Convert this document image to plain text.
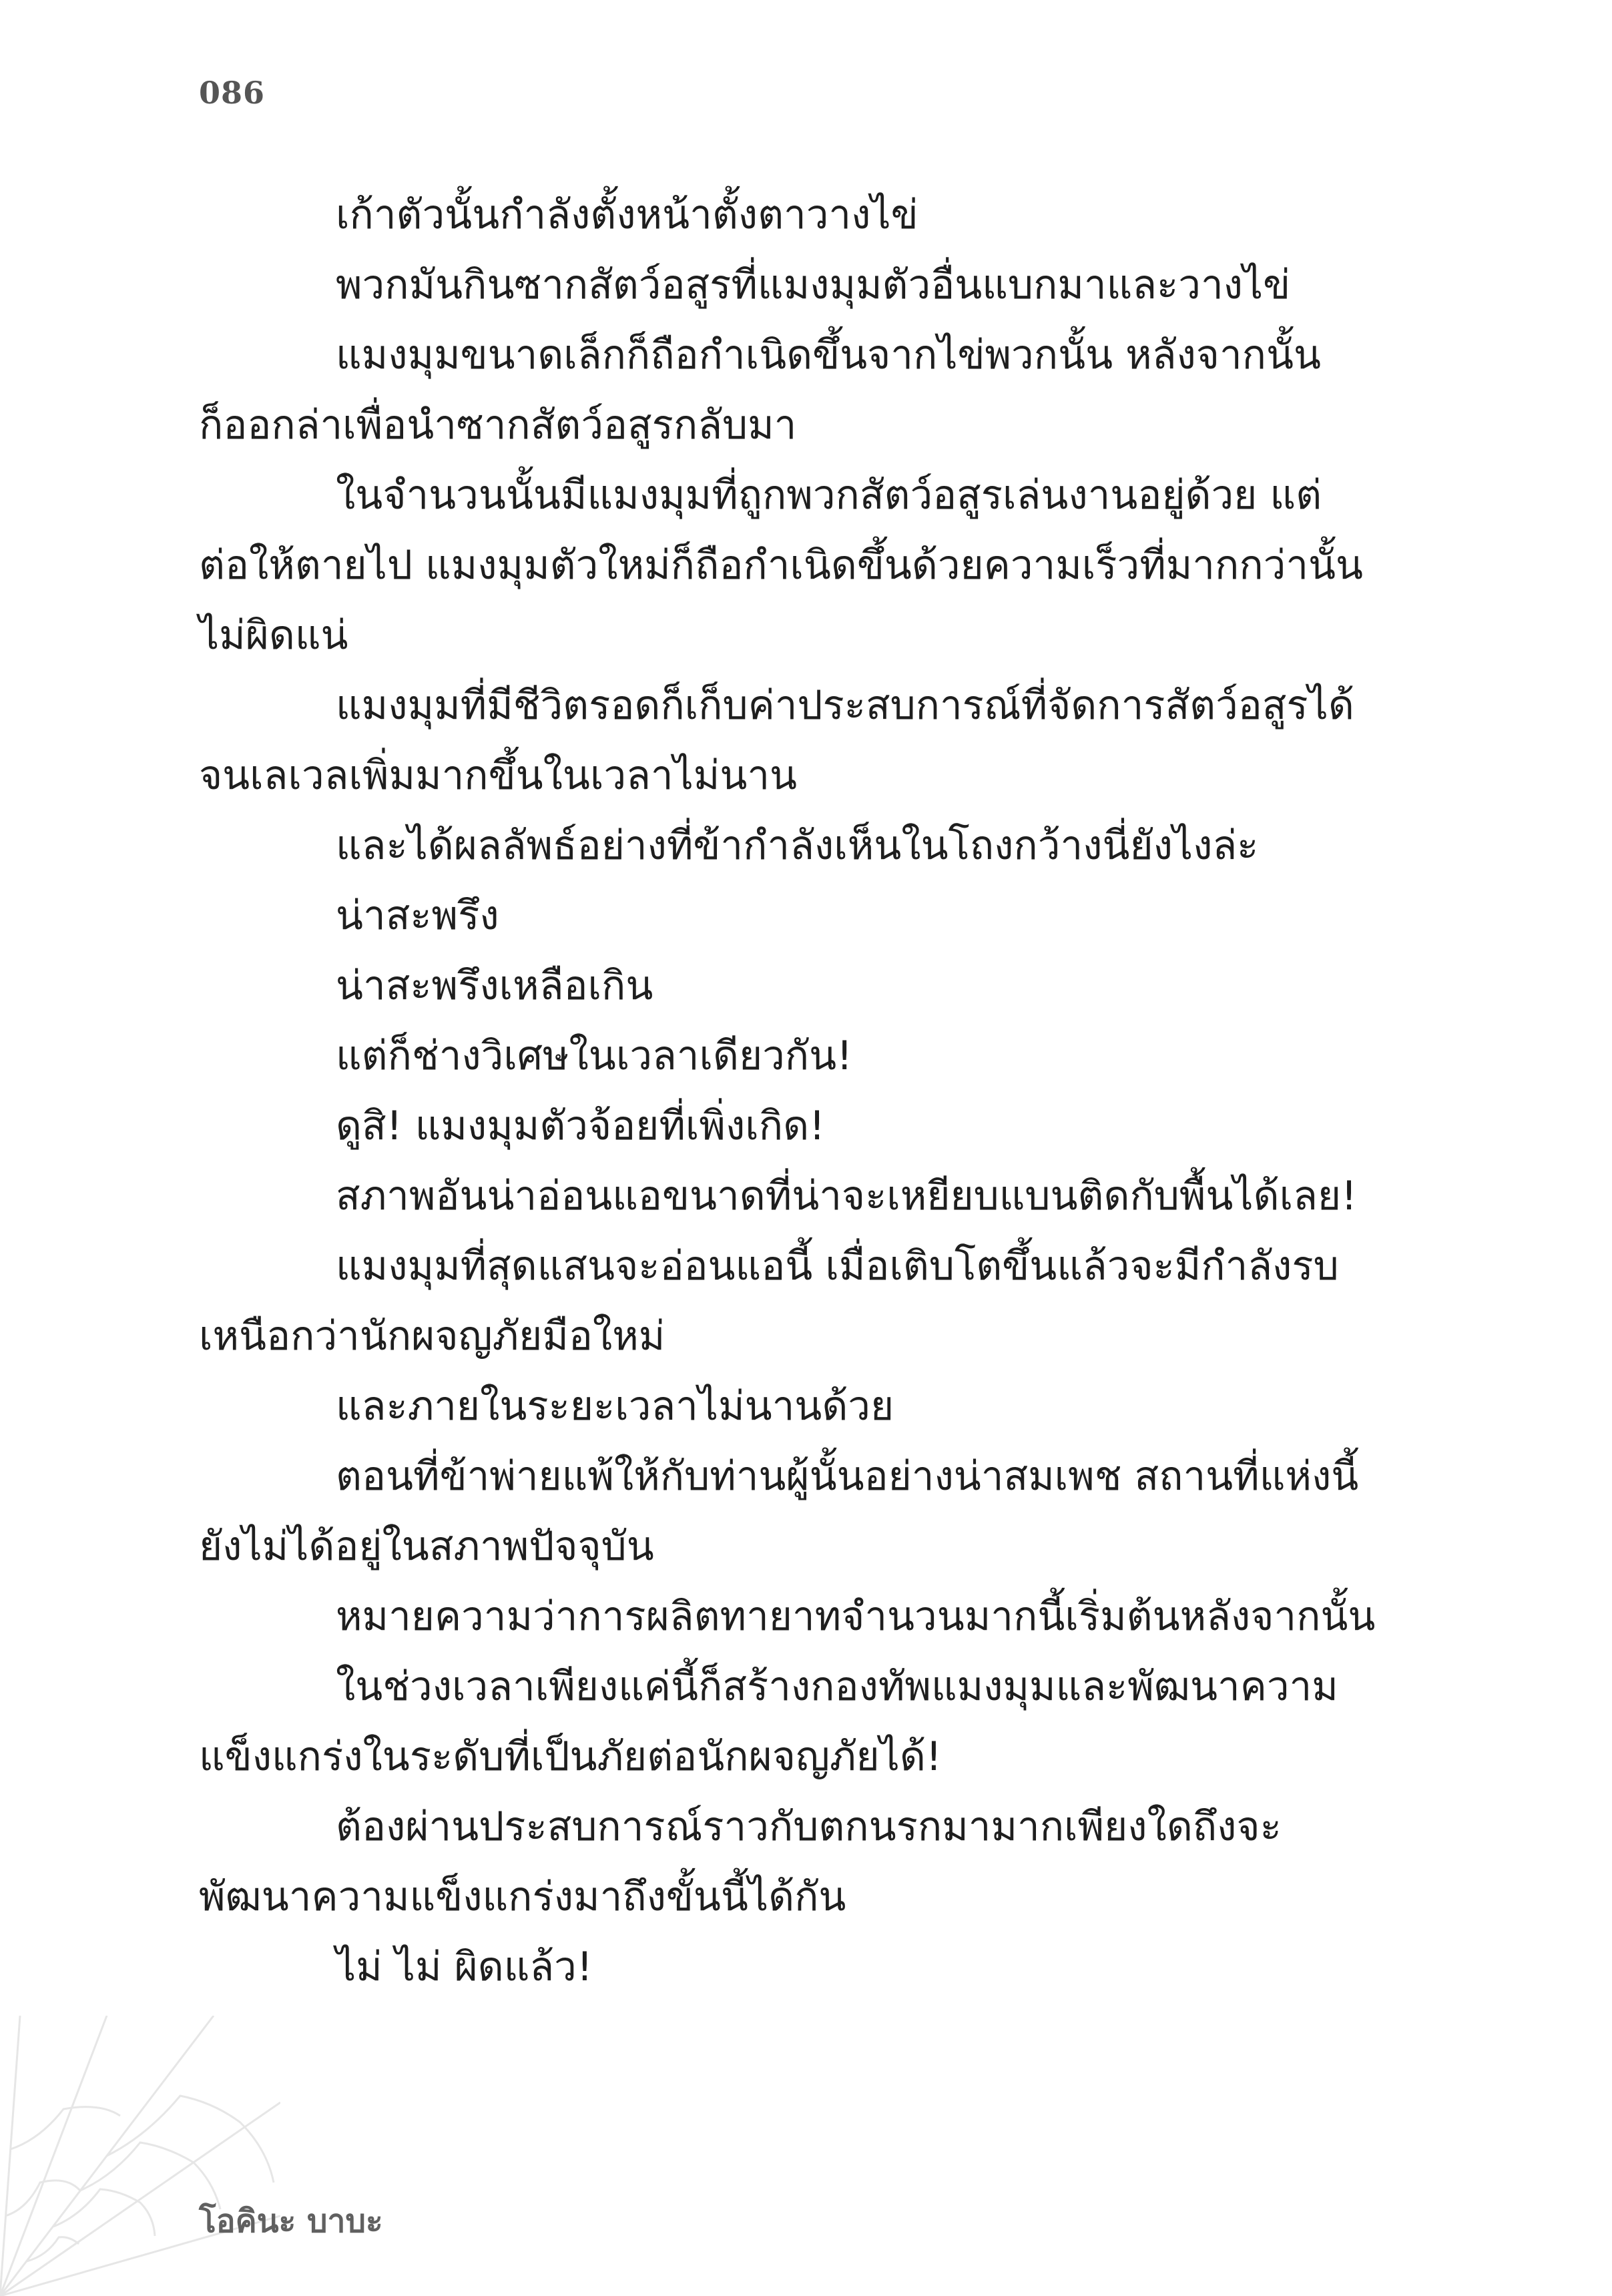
086
เก้าตัวนั้นกำลังตั้งหน้าตั้งตาวางไข่
พวกมันกินซากสัตว์อสูรที่แมงมุมตัวอื่นแบกมาและวางไข่
แมงมุมขนาดเล็กก็ถือกำเนิดขึ้นจากไข่พวกนั้น หลังจากนั้น
ก็ออกล่าเพื่อนำซากสัตว์อสูรกลับมา
ในจำนวนนั้นมีแมงมุมที่ถูกพวกสัตว์อสูรเล่นงานอยู่ด้วย แต่
ต่อให้ตายไป แมงมุมตัวใหม่ก็ถือกำเนิดขึ้นด้วยความเร็วที่มากกว่านั้น
ไม่ผิดแน่
แมงมุมที่มีชีวิตรอดก็เก็บค่าประสบการณ์ที่จัดการสัตว์อสูรได้
จนเลเวลเพิ่มมากขึ้นในเวลาไม่นาน
และได้ผลลัพธ์อย่างที่ข้ากำลังเห็นในโถงกว้างนี่ยังไงล่ะ
น่าสะพรึง
น่าสะพรึงเหลือเกิน
แต่ก็ช่างวิเศษในเวลาเดียวกัน!
ดูสิ! แมงมุมตัวจ้อยที่เพิ่งเกิด!
สภาพอันน่าอ่อนแอขนาดที่น่าจะเหยียบแบนติดกับพื้นได้เลย!
แมงมุมที่สุดแสนจะอ่อนแอนี้ เมื่อเติบโตขึ้นแล้วจะมีกำลังรบ
เหนือกว่านักผจญภัยมือใหม่
และภายในระยะเวลาไม่นานด้วย
ตอนที่ข้าพ่ายแพ้ให้กับท่านผู้นั้นอย่างน่าสมเพช สถานที่แห่งนี้
ยังไม่ได้อยู่ในสภาพปัจจุบัน
หมายความว่าการผลิตทายาทจำนวนมากนี้เริ่มต้นหลังจากนั้น
ในช่วงเวลาเพียงแค่นี้ก็สร้างกองทัพแมงมุมและพัฒนาความ
แข็งแกร่งในระดับที่เป็นภัยต่อนักผจญภัยได้!
ต้องผ่านประสบการณ์ราวกับตกนรกมามากเพียงใดถึงจะ
พัฒนาความแข็งแกร่งมาถึงขั้นนี้ได้กัน
ไม่ ไม่ ผิดแล้ว!
โอคินะ บาบะ
